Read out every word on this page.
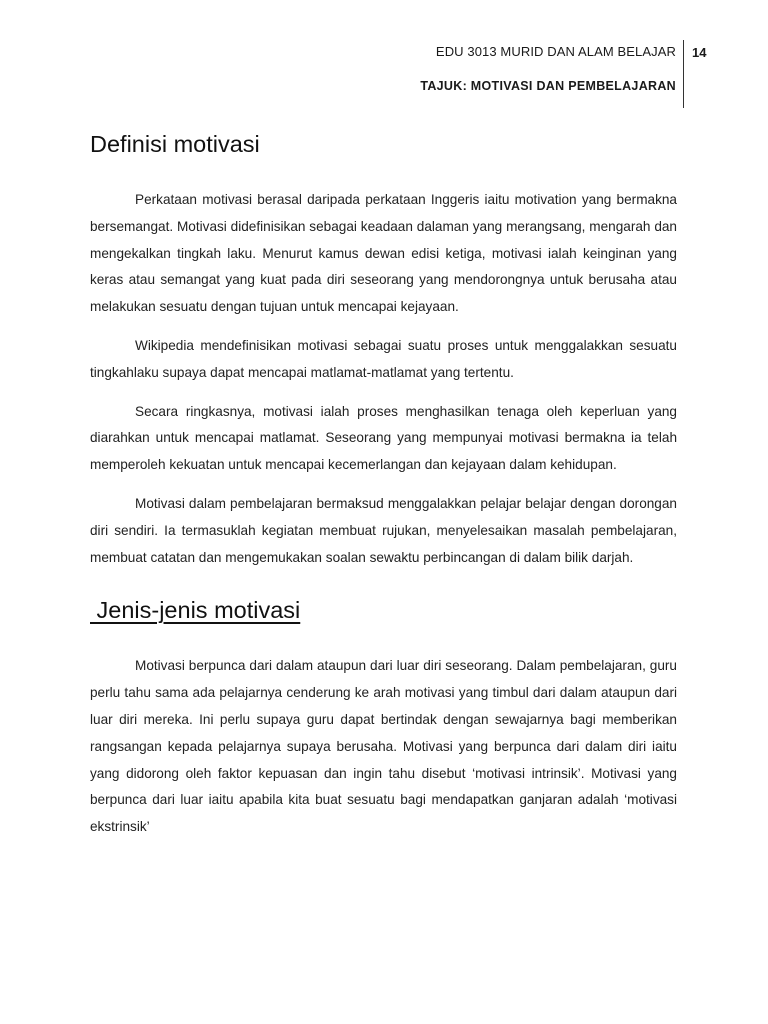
EDU 3013 MURID DAN ALAM BELAJAR
TAJUK: MOTIVASI DAN PEMBELAJARAN
14
Definisi motivasi

Perkataan motivasi berasal daripada perkataan Inggeris iaitu motivation yang bermakna bersemangat. Motivasi didefinisikan sebagai keadaan dalaman yang merangsang, mengarah dan mengekalkan tingkah laku. Menurut kamus dewan edisi ketiga, motivasi ialah keinginan yang keras atau semangat yang kuat pada diri seseorang yang mendorongnya untuk berusaha atau melakukan sesuatu dengan tujuan untuk mencapai kejayaan.

Wikipedia mendefinisikan motivasi sebagai suatu proses untuk menggalakkan sesuatu tingkahlaku supaya dapat mencapai matlamat-matlamat yang tertentu.

Secara ringkasnya, motivasi ialah proses menghasilkan tenaga oleh keperluan yang diarahkan untuk mencapai matlamat. Seseorang yang mempunyai motivasi bermakna ia telah memperoleh kekuatan untuk mencapai kecemerlangan dan kejayaan dalam kehidupan.

Motivasi dalam pembelajaran bermaksud menggalakkan pelajar belajar dengan dorongan diri sendiri. Ia termasuklah kegiatan membuat rujukan, menyelesaikan masalah pembelajaran, membuat catatan dan mengemukakan soalan sewaktu perbincangan di dalam bilik darjah.

Jenis-jenis motivasi

Motivasi berpunca dari dalam ataupun dari luar diri seseorang. Dalam pembelajaran, guru perlu tahu sama ada pelajarnya cenderung ke arah motivasi yang timbul dari dalam ataupun dari luar diri mereka. Ini perlu supaya guru dapat bertindak dengan sewajarnya bagi memberikan rangsangan kepada pelajarnya supaya berusaha. Motivasi yang berpunca dari dalam diri iaitu yang didorong oleh faktor kepuasan dan ingin tahu disebut ‘motivasi intrinsik’. Motivasi yang berpunca dari luar iaitu apabila kita buat sesuatu bagi mendapatkan ganjaran adalah ‘motivasi ekstrinsik’
